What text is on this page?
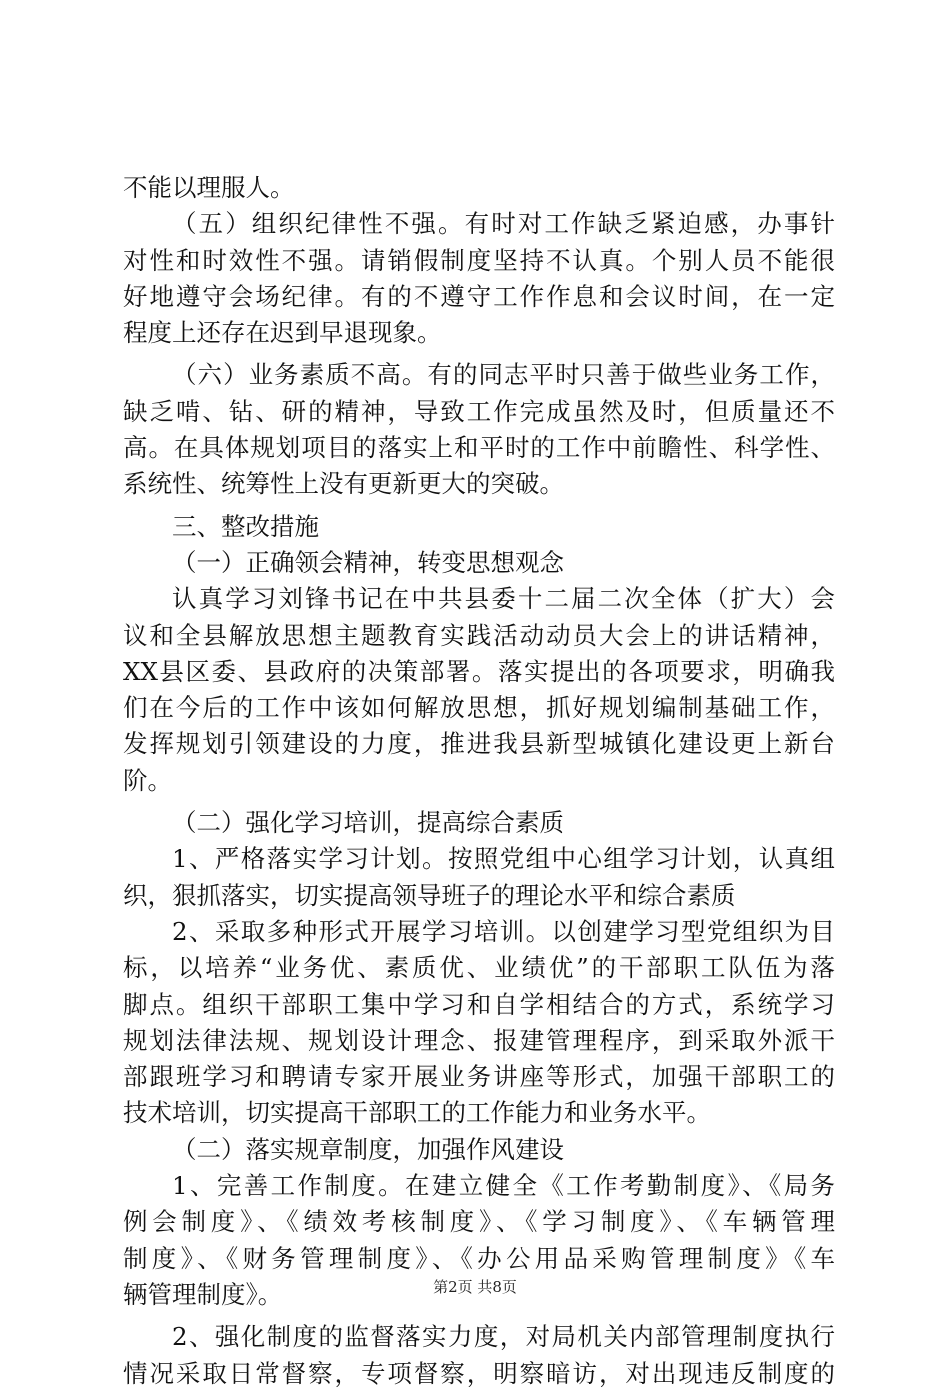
不能以理服人。
（五）组织纪律性不强。有时对工作缺乏紧迫感，办事针
对性和时效性不强。请销假制度坚持不认真。个别人员不能很
好地遵守会场纪律。有的不遵守工作作息和会议时间，在一定
程度上还存在迟到早退现象。
（六）业务素质不高。有的同志平时只善于做些业务工作，
缺乏啃、钻、研的精神，导致工作完成虽然及时，但质量还不
高。在具体规划项目的落实上和平时的工作中前瞻性、科学性、
系统性、统筹性上没有更新更大的突破。
三、整改措施
（一）正确领会精神，转变思想观念
认真学习刘锋书记在中共县委十二届二次全体（扩大）会
议和全县解放思想主题教育实践活动动员大会上的讲话精神，
XX县区委、县政府的决策部署。落实提出的各项要求，明确我
们在今后的工作中该如何解放思想，抓好规划编制基础工作，
发挥规划引领建设的力度，推进我县新型城镇化建设更上新台
阶。
（二）强化学习培训，提高综合素质
1、严格落实学习计划。按照党组中心组学习计划，认真组
织，狠抓落实，切实提高领导班子的理论水平和综合素质
2、采取多种形式开展学习培训。以创建学习型党组织为目
标，以培养“业务优、素质优、业绩优”的干部职工队伍为落
脚点。组织干部职工集中学习和自学相结合的方式，系统学习
规划法律法规、规划设计理念、报建管理程序，到采取外派干
部跟班学习和聘请专家开展业务讲座等形式，加强干部职工的
技术培训，切实提高干部职工的工作能力和业务水平。
（二）落实规章制度，加强作风建设
1、完善工作制度。在建立健全《工作考勤制度》、《局务
例会制度》、《绩效考核制度》、《学习制度》、《车辆管理
制度》、《财务管理制度》、《办公用品采购管理制度》《车
辆管理制度》。
2、强化制度的监督落实力度，对局机关内部管理制度执行
情况采取日常督察，专项督察，明察暗访，对出现违反制度的
第2页 共8页
